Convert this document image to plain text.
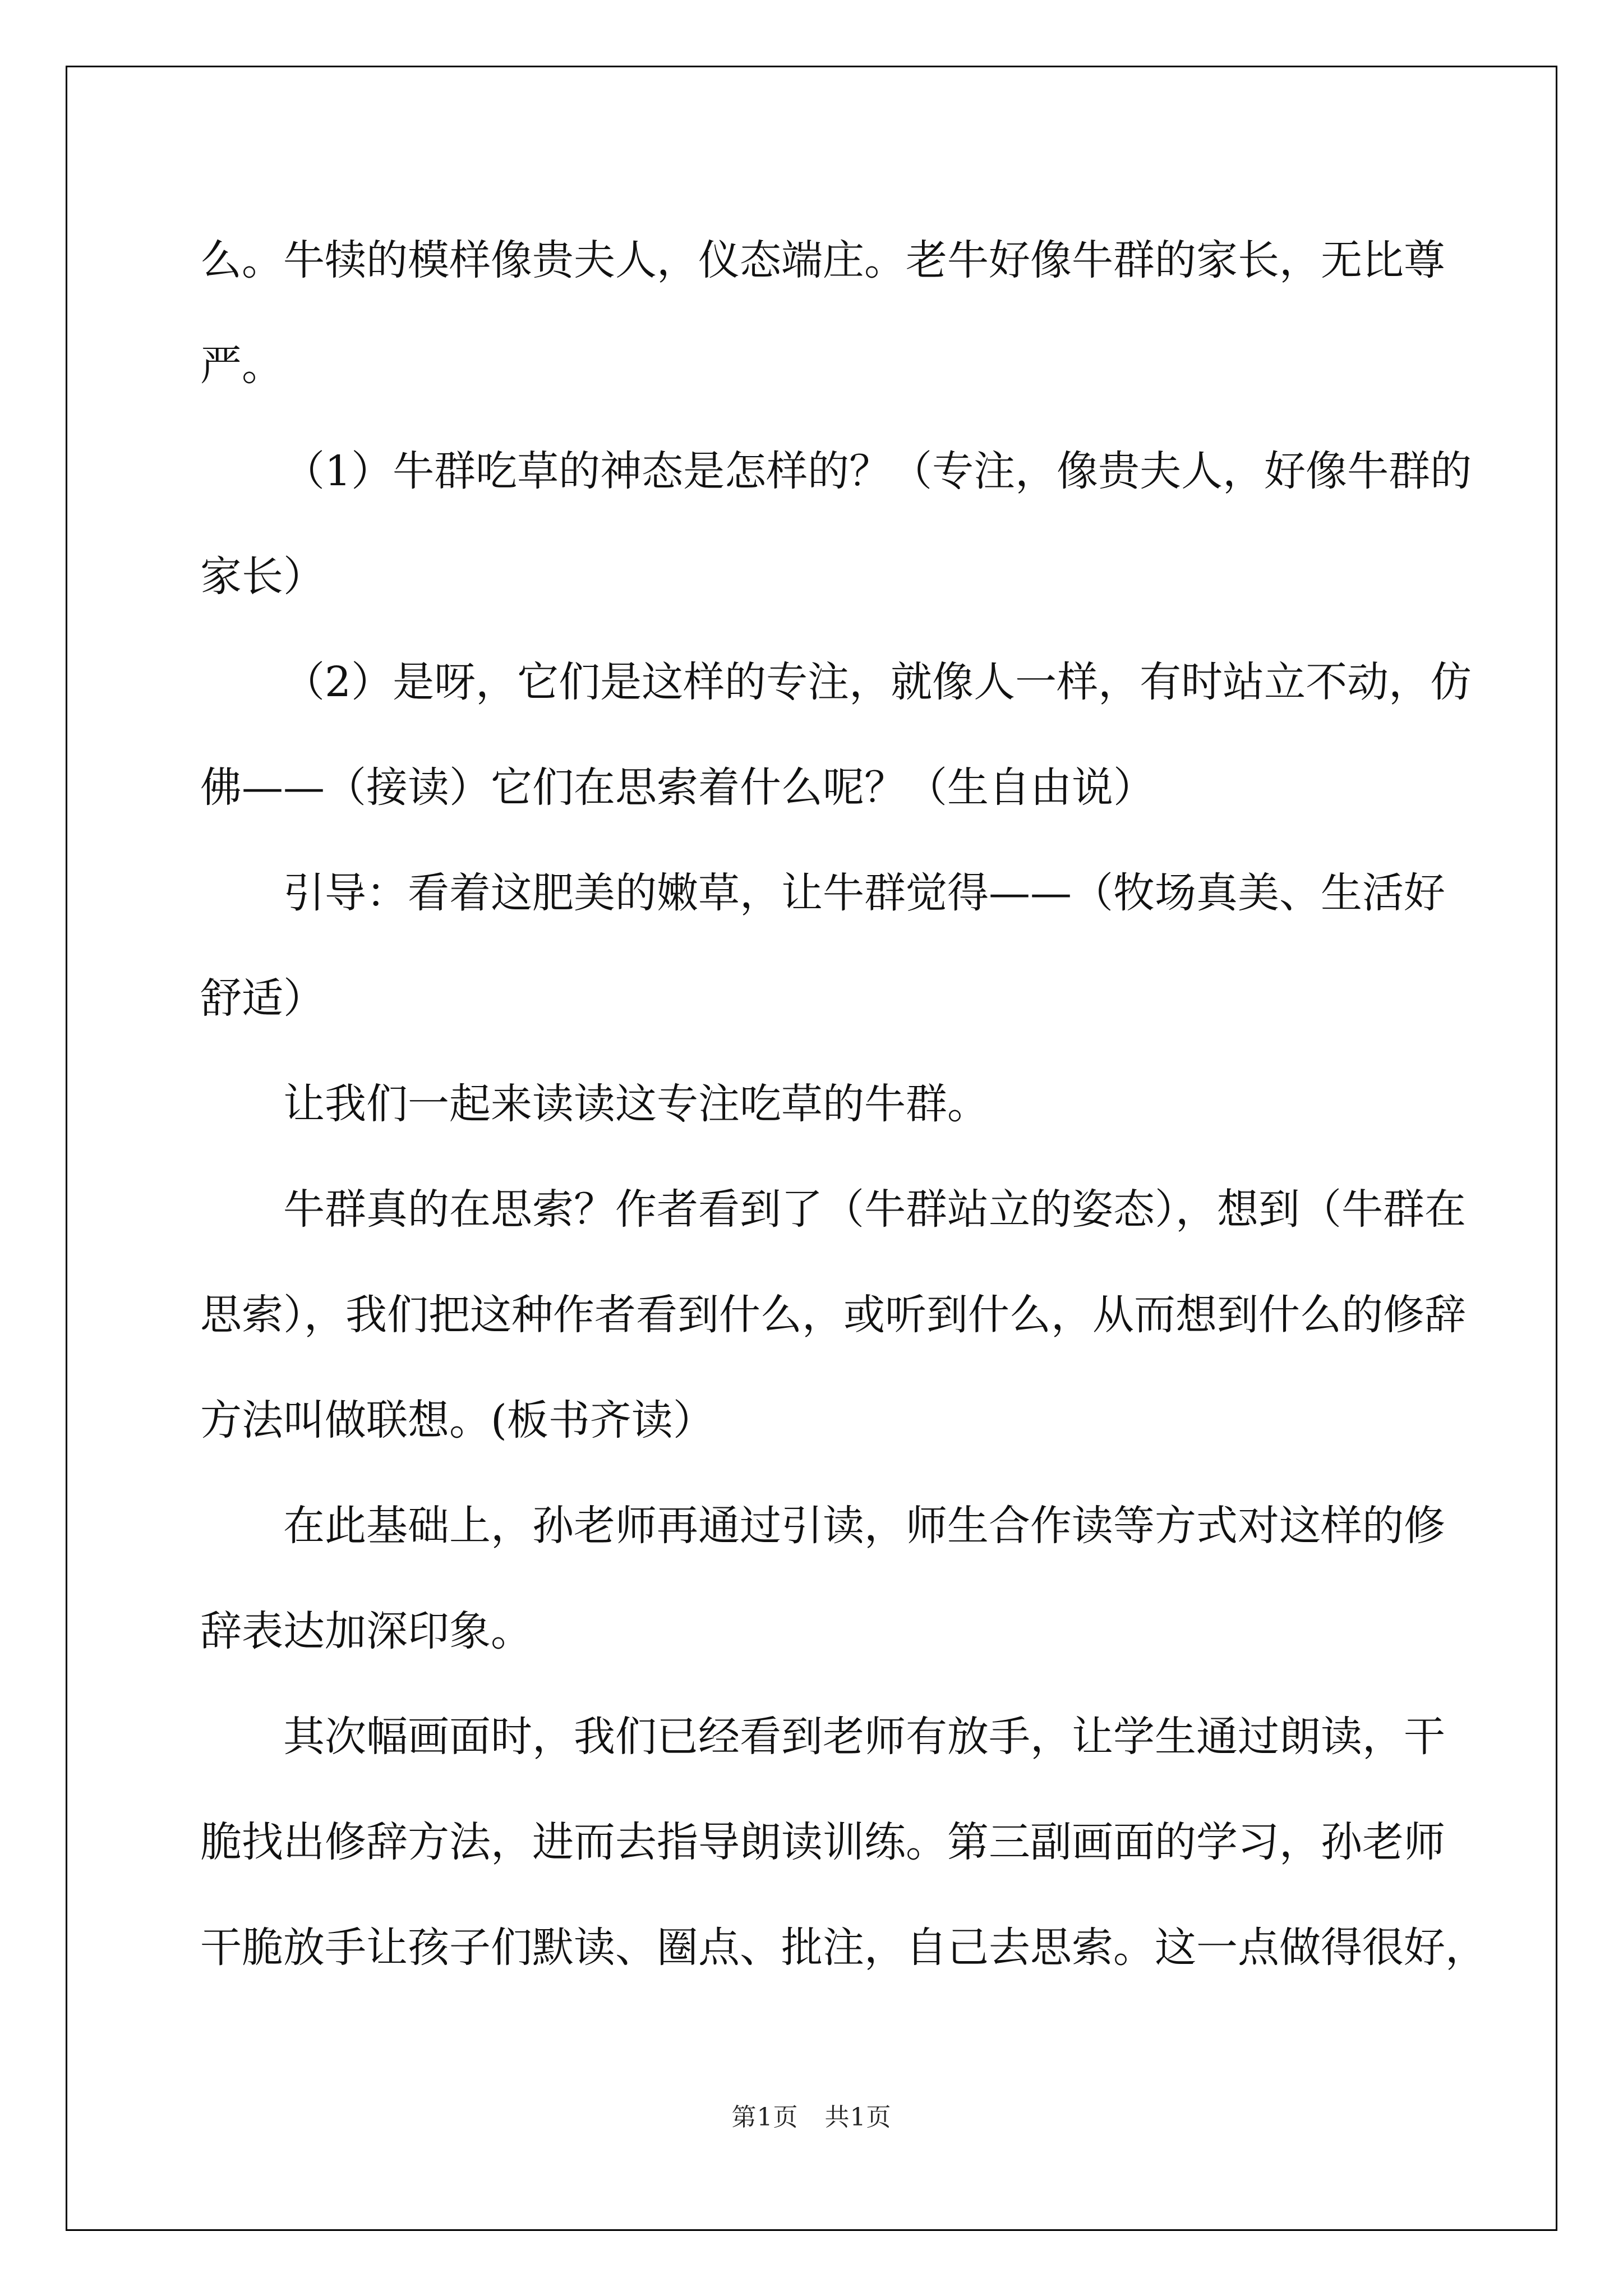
么。牛犊的模样像贵夫人，仪态端庄。老牛好像牛群的家长，无比尊
严。

（1）牛群吃草的神态是怎样的？（专注，像贵夫人，好像牛群的
家长）

（2）是呀，它们是这样的专注，就像人一样，有时站立不动，仿
佛——（接读）它们在思索着什么呢？（生自由说）

引导：看着这肥美的嫩草，让牛群觉得——（牧场真美、生活好
舒适）

让我们一起来读读这专注吃草的牛群。

牛群真的在思索？作者看到了（牛群站立的姿态），想到（牛群在
思索），我们把这种作者看到什么，或听到什么，从而想到什么的修辞
方法叫做联想。(板书齐读）

在此基础上，孙老师再通过引读，师生合作读等方式对这样的修
辞表达加深印象。

其次幅画面时，我们已经看到老师有放手，让学生通过朗读，干
脆找出修辞方法，进而去指导朗读训练。第三副画面的学习，孙老师
干脆放手让孩子们默读、圈点、批注，自己去思索。这一点做得很好，

第1页 共1页
